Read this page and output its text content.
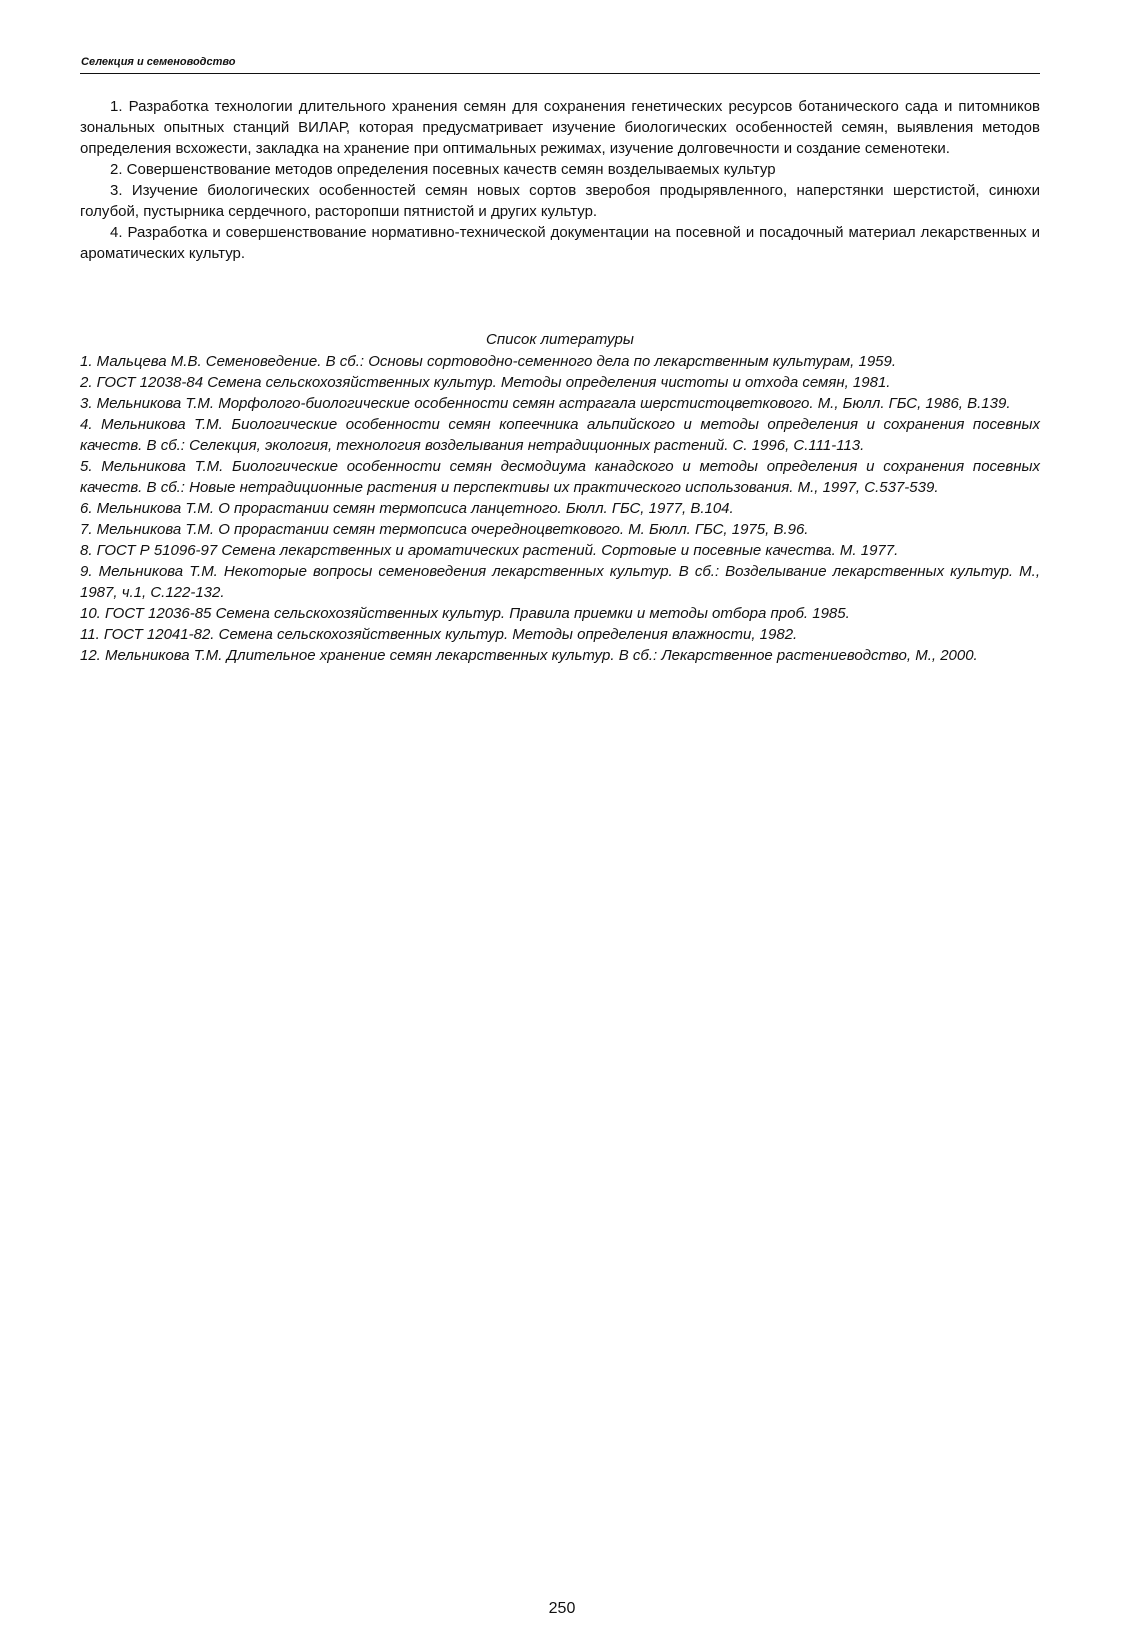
Селекция и семеноводство

1. Разработка технологии длительного хранения семян для сохранения генетических ресурсов ботанического сада и питомников зональных опытных станций ВИЛАР, которая предусматривает изучение биологических особенностей семян, выявления методов определения всхожести, закладка на хранение при оптимальных режимах, изучение долговечности и создание семенотеки.

2. Совершенствование методов определения посевных качеств семян возделываемых культур

3. Изучение биологических особенностей семян новых сортов зверобоя продырявленного, наперстянки шерстистой, синюхи голубой, пустырника сердечного, расторопши пятнистой и других культур.

4. Разработка и совершенствование нормативно-технической документации на посевной и посадочный материал лекарственных и ароматических культур.

Список литературы

1. Мальцева М.В. Семеноведение. В сб.: Основы сортоводно-семенного дела по лекарственным культурам, 1959.

2. ГОСТ 12038-84 Семена сельскохозяйственных культур. Методы определения чистоты и отхода семян, 1981.

3. Мельникова Т.М. Морфолого-биологические особенности семян астрагала шерстистоцветкового. М., Бюлл. ГБС, 1986, В.139.

4. Мельникова Т.М. Биологические особенности семян копеечника альпийского и методы определения и сохранения посевных качеств. В сб.: Селекция, экология, технология возделывания нетрадиционных растений. С. 1996, С.111-113.

5. Мельникова Т.М. Биологические особенности семян десмодиума канадского и методы определения и сохранения посевных качеств. В сб.: Новые нетрадиционные растения и перспективы их практического использования. М., 1997, С.537-539.

6. Мельникова Т.М. О прорастании семян термопсиса ланцетного. Бюлл. ГБС, 1977, В.104.

7. Мельникова Т.М. О прорастании семян термопсиса очередноцветкового. М. Бюлл. ГБС, 1975, В.96.

8. ГОСТ Р 51096-97 Семена лекарственных и ароматических растений. Сортовые и посевные качества. М. 1977.

9. Мельникова Т.М. Некоторые вопросы семеноведения лекарственных культур. В сб.: Возделывание лекарственных культур. М., 1987, ч.1, С.122-132.

10. ГОСТ 12036-85 Семена сельскохозяйственных культур. Правила приемки и методы отбора проб. 1985.

11. ГОСТ 12041-82. Семена сельскохозяйственных культур. Методы определения влажности, 1982.

12. Мельникова Т.М. Длительное хранение семян лекарственных культур. В сб.: Лекарственное растениеводство, М., 2000.

250
